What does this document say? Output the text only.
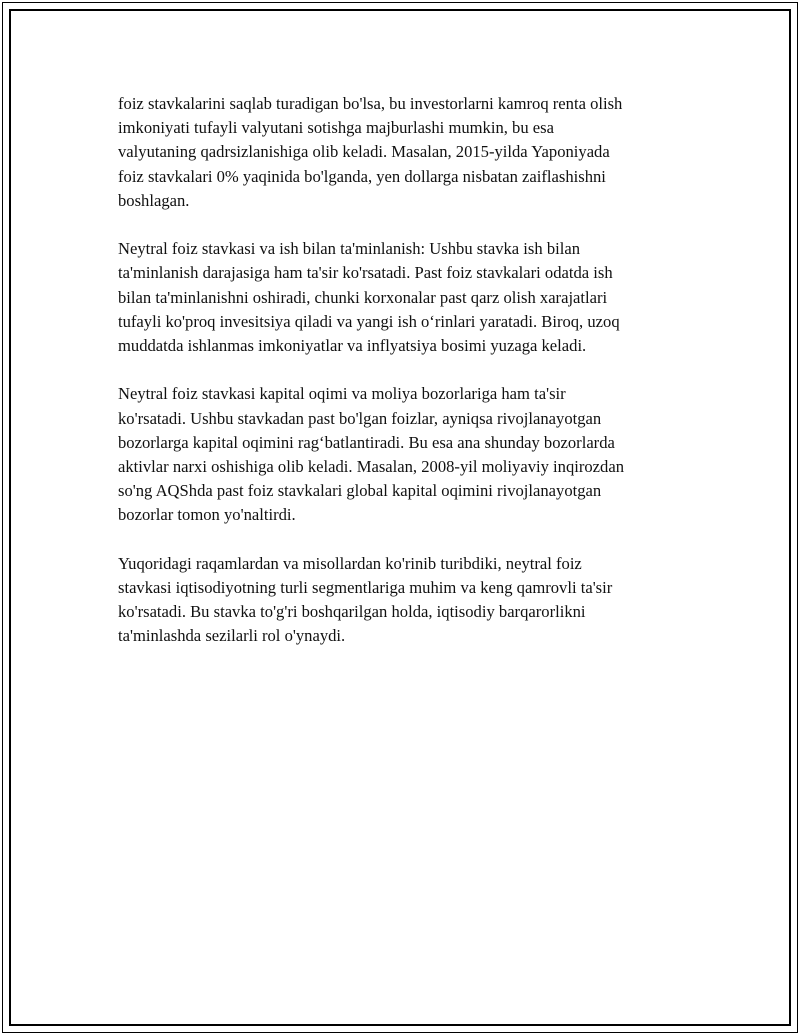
foiz stavkalarini saqlab turadigan bo'lsa, bu investorlarni kamroq renta olish
imkoniyati tufayli valyutani sotishga majburlashi mumkin, bu esa
valyutaning qadrsizlanishiga olib keladi. Masalan, 2015-yilda Yaponiyada
foiz stavkalari 0% yaqinida bo'lganda, yen dollarga nisbatan zaiflashishni
boshlagan.

Neytral foiz stavkasi va ish bilan ta'minlanish: Ushbu stavka ish bilan
ta'minlanish darajasiga ham ta'sir ko'rsatadi. Past foiz stavkalari odatda ish
bilan ta'minlanishni oshiradi, chunki korxonalar past qarz olish xarajatlari
tufayli ko'proq invesitsiya qiladi va yangi ish o‘rinlari yaratadi. Biroq, uzoq
muddatda ishlanmas imkoniyatlar va inflyatsiya bosimi yuzaga keladi.

Neytral foiz stavkasi kapital oqimi va moliya bozorlariga ham ta'sir
ko'rsatadi. Ushbu stavkadan past bo'lgan foizlar, ayniqsa rivojlanayotgan
bozorlarga kapital oqimini rag‘batlantiradi. Bu esa ana shunday bozorlarda
aktivlar narxi oshishiga olib keladi. Masalan, 2008-yil moliyaviy inqirozdan
so'ng AQShda past foiz stavkalari global kapital oqimini rivojlanayotgan
bozorlar tomon yo'naltirdi.

Yuqoridagi raqamlardan va misollardan ko'rinib turibdiki, neytral foiz
stavkasi iqtisodiyotning turli segmentlariga muhim va keng qamrovli ta'sir
ko'rsatadi. Bu stavka to'g'ri boshqarilgan holda, iqtisodiy barqarorlikni
ta'minlashda sezilarli rol o'ynaydi.
